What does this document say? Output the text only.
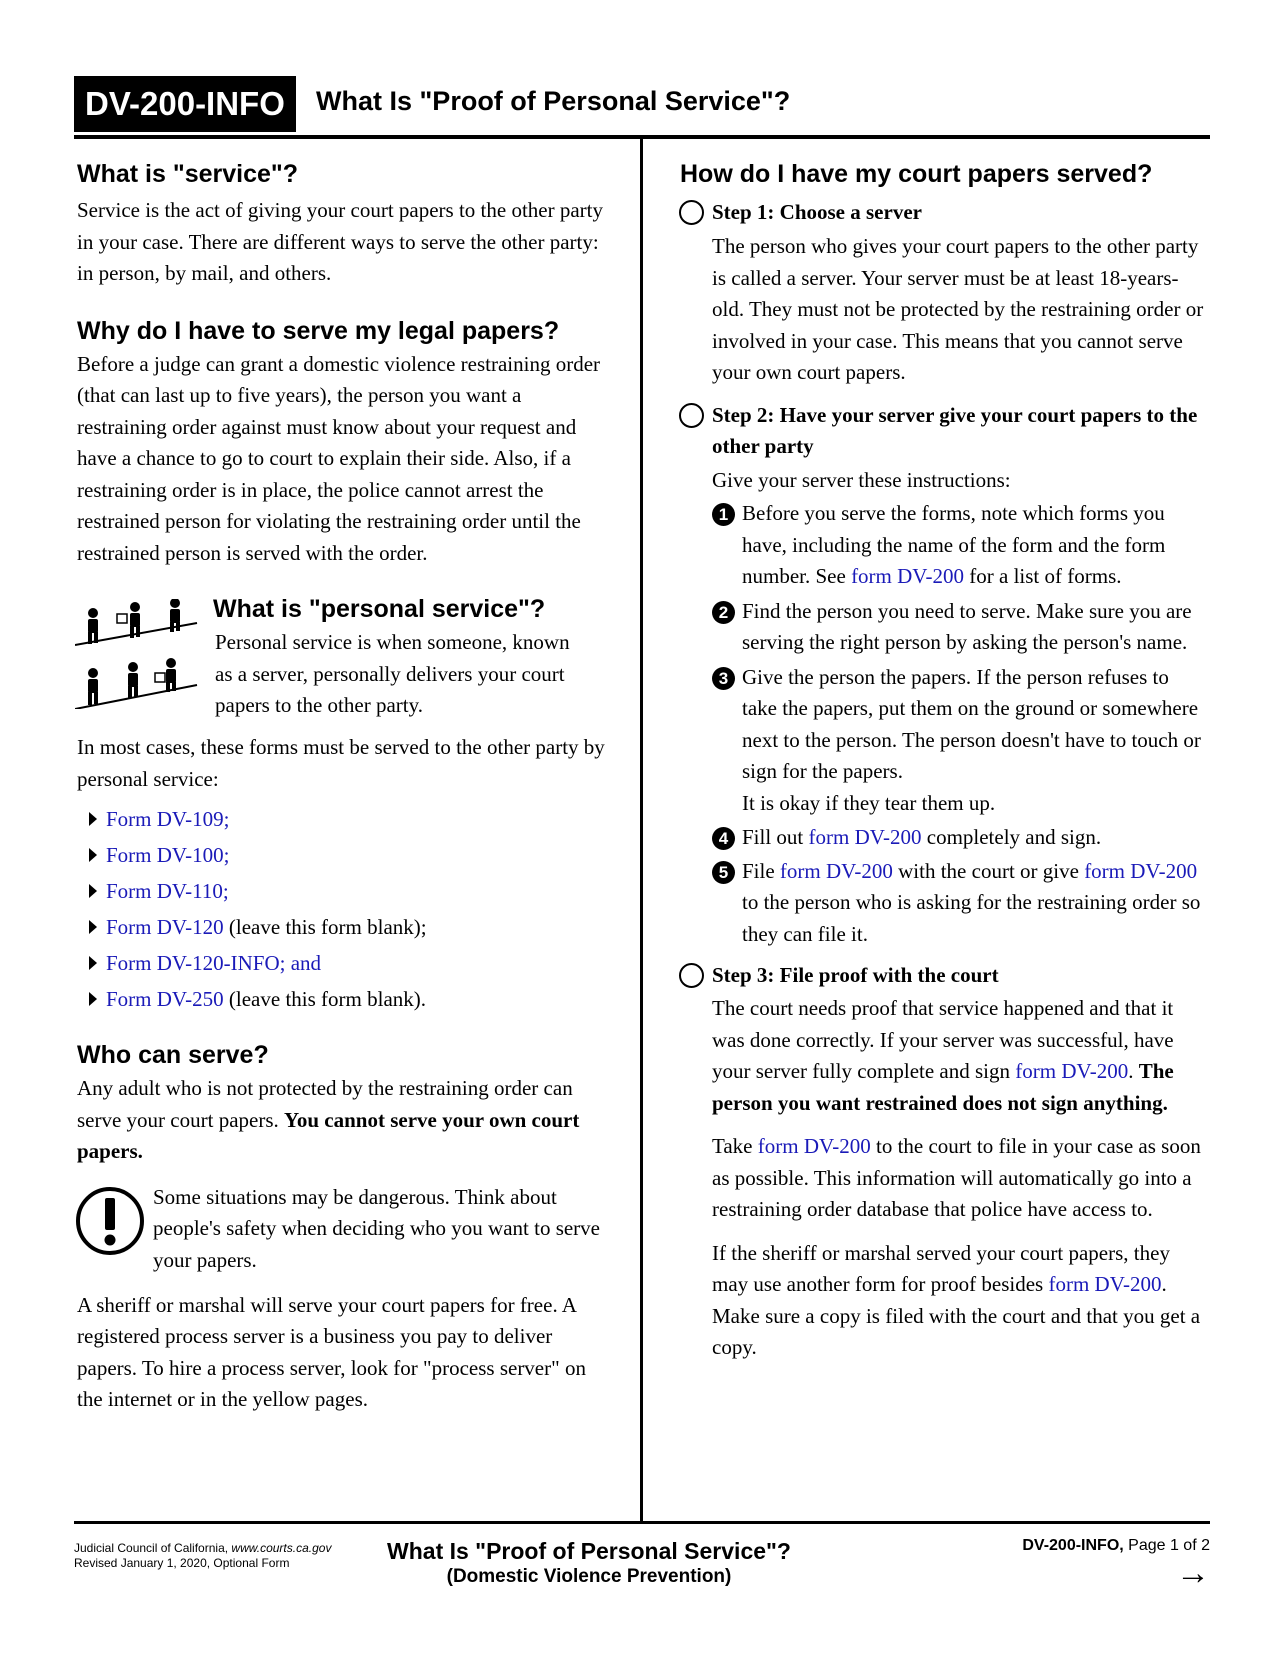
DV-200-INFO	What Is "Proof of Personal Service"?
What is "service"?

Service is the act of giving your court papers to the other party in your case. There are different ways to serve the other party: in person, by mail, and others.

Why do I have to serve my legal papers?

Before a judge can grant a domestic violence restraining order (that can last up to five years), the person you want a restraining order against must know about your request and have a chance to go to court to explain their side. Also, if a restraining order is in place, the police cannot arrest the restrained person for violating the restraining order until the restrained person is served with the order.

What is "personal service"?

Personal service is when someone, known as a server, personally delivers your court papers to the other party.

In most cases, these forms must be served to the other party by personal service:

Form DV-109;
Form DV-100;
Form DV-110;
Form DV-120 (leave this form blank);
Form DV-120-INFO; and
Form DV-250 (leave this form blank).
Who can serve?

Any adult who is not protected by the restraining order can serve your court papers. You cannot serve your own court papers.

Some situations may be dangerous. Think about people's safety when deciding who you want to serve your papers.

A sheriff or marshal will serve your court papers for free. A registered process server is a business you pay to deliver papers. To hire a process server, look for "process server" on the internet or in the yellow pages.

How do I have my court papers served?
Step 1: Choose a server

The person who gives your court papers to the other party is called a server. Your server must be at least 18-years-old. They must not be protected by the restraining order or involved in your case. This means that you cannot serve your own court papers.

Step 2: Have your server give your court papers to the other party

Give your server these instructions:

1 Before you serve the forms, note which forms you have, including the name of the form and the form number. See form DV-200 for a list of forms.

2 Find the person you need to serve. Make sure you are serving the right person by asking the person's name.

3 Give the person the papers. If the person refuses to take the papers, put them on the ground or somewhere next to the person. The person doesn't have to touch or sign for the papers.

It is okay if they tear them up.

4 Fill out form DV-200 completely and sign.

5 File form DV-200 with the court or give form DV-200 to the person who is asking for the restraining order so they can file it.

Step 3: File proof with the court

The court needs proof that service happened and that it was done correctly. If your server was successful, have your server fully complete and sign form DV-200. The person you want restrained does not sign anything.

Take form DV-200 to the court to file in your case as soon as possible. This information will automatically go into a restraining order database that police have access to.

If the sheriff or marshal served your court papers, they may use another form for proof besides form DV-200. Make sure a copy is filed with the court and that you get a copy.

Judicial Council of California, www.courts.ca.gov
Revised January 1, 2020, Optional Form	What Is "Proof of Personal Service"?
(Domestic Violence Prevention)
DV-200-INFO, Page 1 of 2
→
